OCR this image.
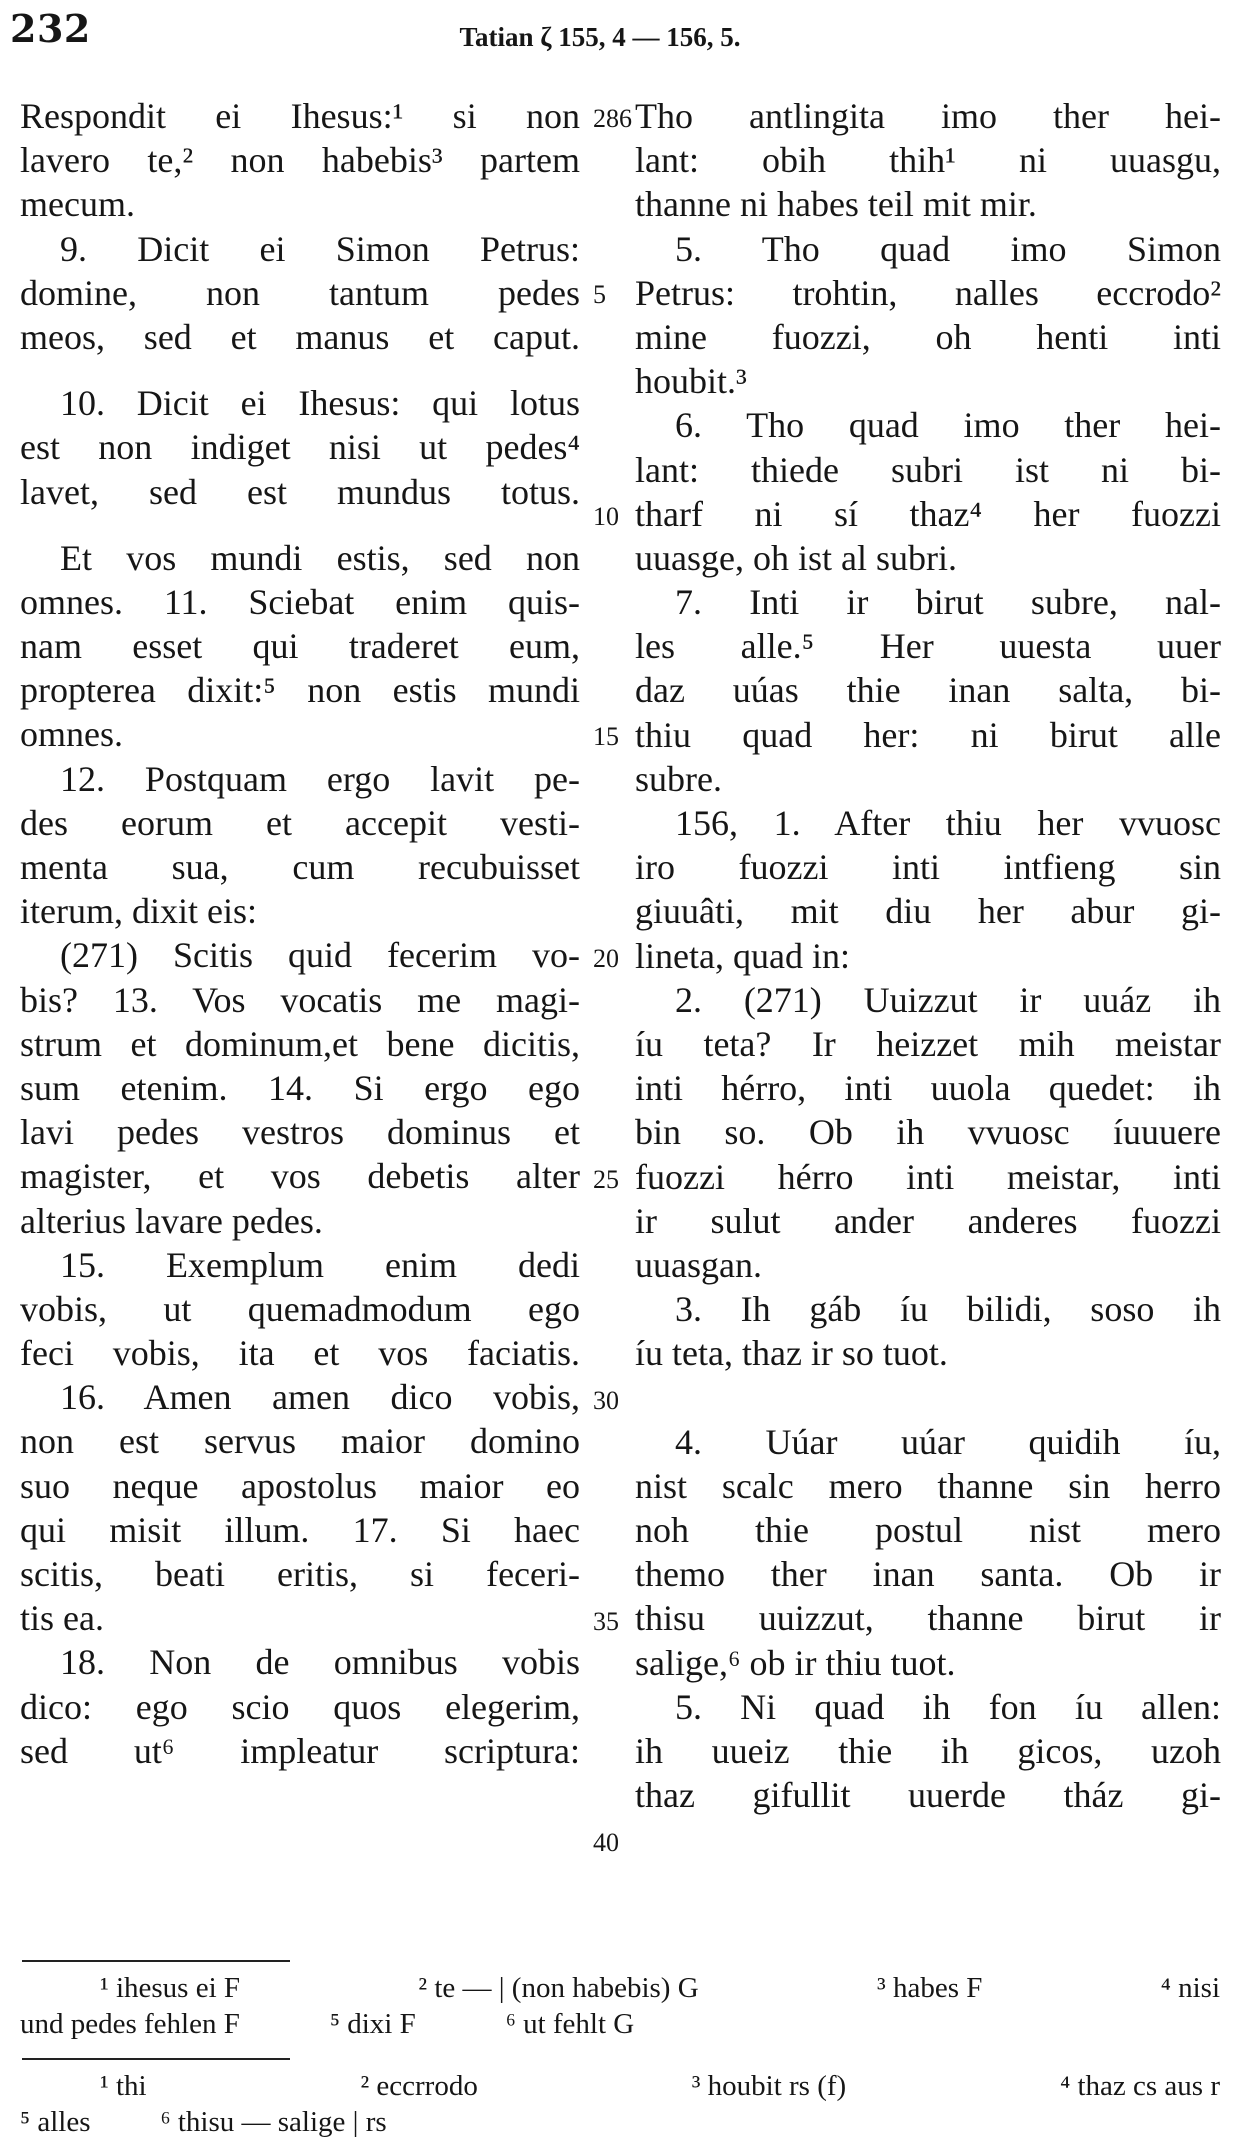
232	Tatian ζ 155, 4 — 156, 5.
Respondit ei Ihesus:¹ si non
lavero te,² non habebis³ partem
mecum.
9. Dicit ei Simon Petrus:
domine, non tantum pedes
meos, sed et manus et caput.
10. Dicit ei Ihesus: qui lotus
est non indiget nisi ut pedes⁴
lavet, sed est mundus totus.
Et vos mundi estis, sed non
omnes. 11. Sciebat enim quis-
nam esset qui traderet eum,
propterea dixit:⁵ non estis mundi
omnes.
12. Postquam ergo lavit pe-
des eorum et accepit vesti-
menta sua, cum recubuisset
iterum, dixit eis:
(271) Scitis quid fecerim vo-
bis? 13. Vos vocatis me magi-
strum et dominum,et bene dicitis,
sum etenim. 14. Si ergo ego
lavi pedes vestros dominus et
magister, et vos debetis alter
alterius lavare pedes.
15. Exemplum enim dedi
vobis, ut quemadmodum ego
feci vobis, ita et vos faciatis.
16. Amen amen dico vobis,
non est servus maior domino
suo neque apostolus maior eo
qui misit illum. 17. Si haec
scitis, beati eritis, si feceri-
tis ea.
18. Non de omnibus vobis
dico: ego scio quos elegerim,
sed ut⁶ impleatur scriptura:
Tho antlingita imo ther hei-
lant: obih thih¹ ni uuasgu,
thanne ni habes teil mit mir.
5. Tho quad imo Simon
Petrus: trohtin, nalles eccrodo²
mine fuozzi, oh henti inti
houbit.³
6. Tho quad imo ther hei-
lant: thiede subri ist ni bi-
tharf ni sí thaz⁴ her fuozzi
uuasge, oh ist al subri.
7. Inti ir birut subre, nal-
les alle.⁵ Her uuesta uuer
daz uúas thie inan salta, bi-
thiu quad her: ni birut alle
subre.
156, 1. After thiu her vvuosc
iro fuozzi inti intfieng sin
giuuâti, mit diu her abur gi-
lineta, quad in:
2. (271) Uuizzut ir uuáz ih
íu teta? Ir heizzet mih meistar
inti hérro, inti uuola quedet: ih
bin so. Ob ih vvuosc íuuuere
fuozzi hérro inti meistar, inti
ir sulut ander anderes fuozzi
uuasgan.
3. Ih gáb íu bilidi, soso ih
íu teta, thaz ir so tuot.
4. Uúar uúar quidih íu,
nist scalc mero thanne sin herro
noh thie postul nist mero
themo ther inan santa. Ob ir
thisu uuizzut, thanne birut ir
salige,⁶ ob ir thiu tuot.
5. Ni quad ih fon íu allen:
ih uueiz thie ih gicos, uzoh
thaz gifullit uuerde tház gi-
286
5
10
15
20
25
30
35
40
¹ ihesus ei F	² te — | (non habebis) G	³ habes F	⁴ nisi
und pedes fehlen F	⁵ dixi F	⁶ ut fehlt G
¹ thi	² eccrrodo	³ houbit rs (f)	⁴ thaz cs aus r
⁵ alles ⁶ thisu — salige | rs
